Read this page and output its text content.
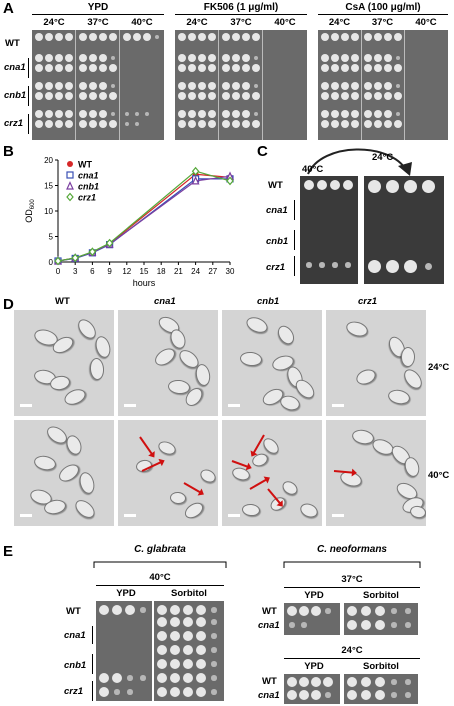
A	YPD
24°C	37°C	40°C
FK506 (1 μg/ml)
24°C	37°C	40°C
CsA (100 μg/ml)
24°C	37°C	40°C
WT
cna1
cnb1
crz1
B
0
5
10
15
20
0 3 6 9 12 15 18 21 24 27 30
hours
$OD_{600}$
WT
cna1
cnb1
crz1
C
40°C
24°C
WT
cna1
cnb1
crz1
D	WT	cna1	cnb1	crz1
24°C
40°C
E	C. glabrata
40°C
YPD	Sorbitol
WT
cna1
cnb1
crz1
C. neoformans
37°C
YPD	Sorbitol
WT
cna1
24°C
YPD	Sorbitol
WT
cna1
